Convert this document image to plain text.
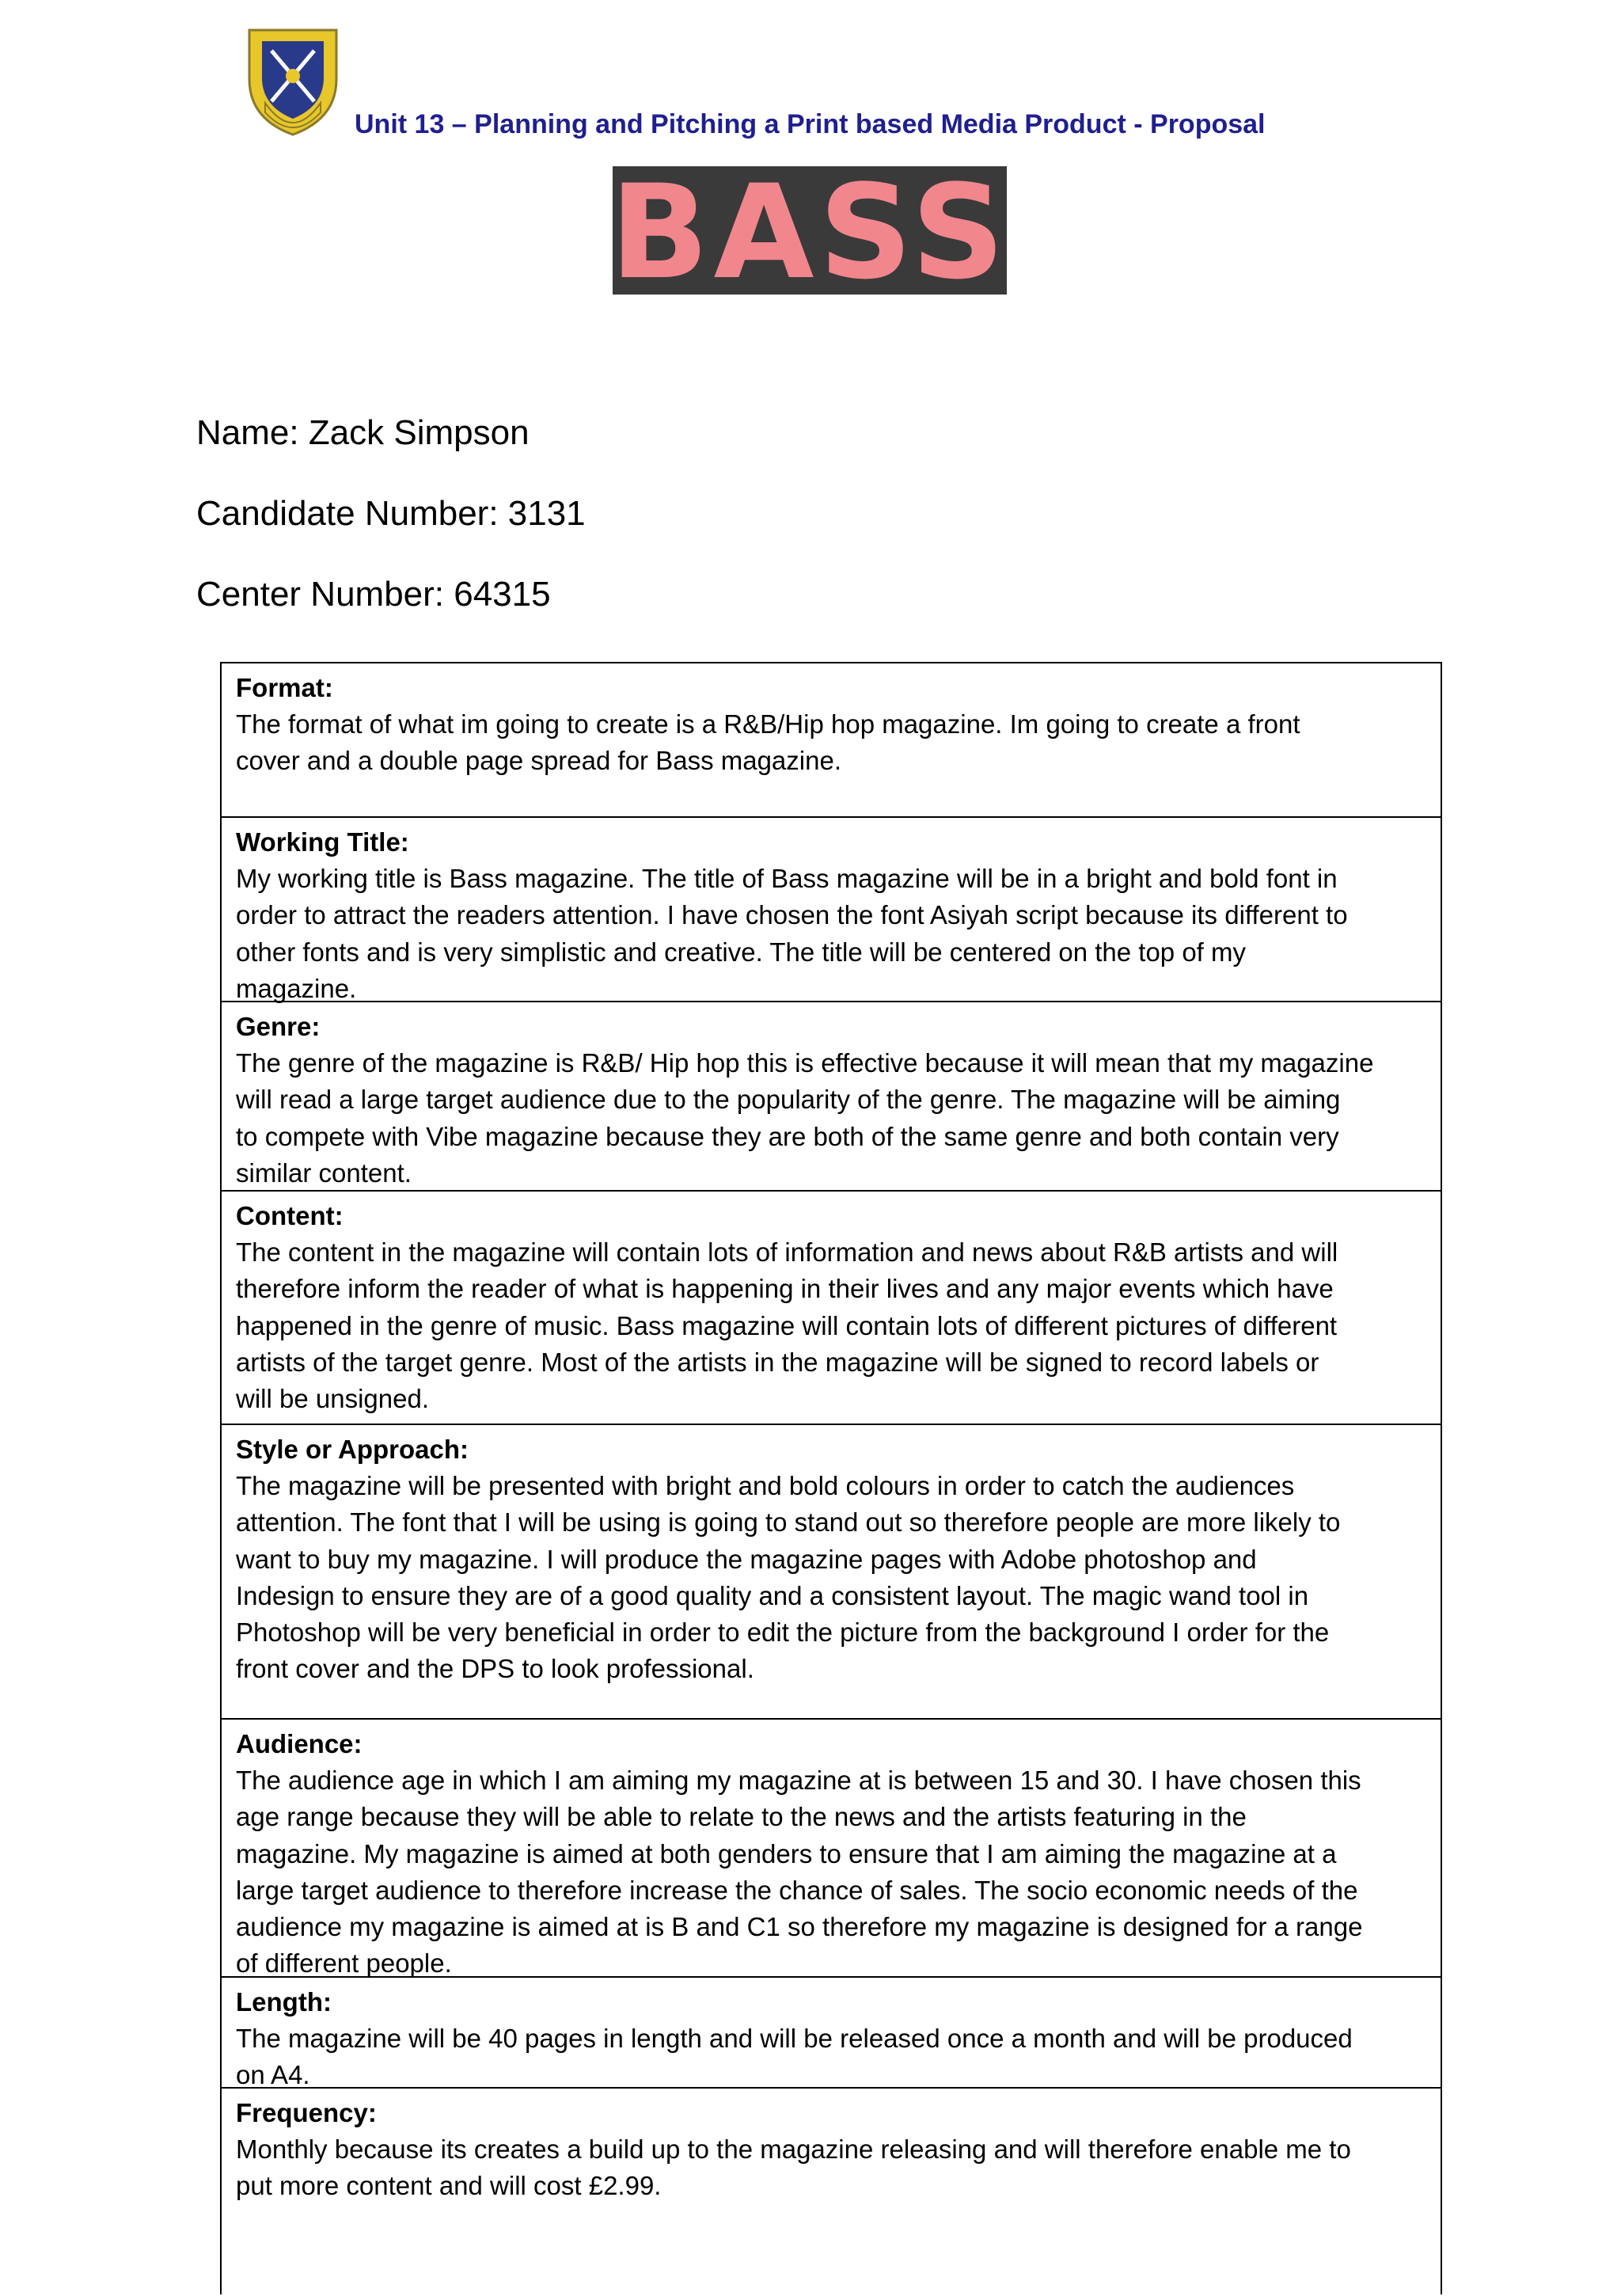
Unit 13 – Planning and Pitching a Print based Media Product - Proposal
BASS
Name: Zack Simpson
Candidate Number: 3131
Center Number: 64315
Format:
The format of what im going to create is a R&B/Hip hop magazine. Im going to create a front
cover and a double page spread for Bass magazine.
Working Title:
My working title is Bass magazine. The title of Bass magazine will be in a bright and bold font in
order to attract the readers attention. I have chosen the font Asiyah script because its different to
other fonts and is very simplistic and creative. The title will be centered on the top of my
magazine.
Genre:
The genre of the magazine is R&B/ Hip hop this is effective because it will mean that my magazine
will read a large target audience due to the popularity of the genre. The magazine will be aiming
to compete with Vibe magazine because they are both of the same genre and both contain very
similar content.
Content:
The content in the magazine will contain lots of information and news about R&B artists and will
therefore inform the reader of what is happening in their lives and any major events which have
happened in the genre of music. Bass magazine will contain lots of different pictures of different
artists of the target genre. Most of the artists in the magazine will be signed to record labels or
will be unsigned.
Style or Approach:
The magazine will be presented with bright and bold colours in order to catch the audiences
attention. The font that I will be using is going to stand out so therefore people are more likely to
want to buy my magazine. I will produce the magazine pages with Adobe photoshop and
Indesign to ensure they are of a good quality and a consistent layout. The magic wand tool in
Photoshop will be very beneficial in order to edit the picture from the background I order for the
front cover and the DPS to look professional.
Audience:
The audience age in which I am aiming my magazine at is between 15 and 30. I have chosen this
age range because they will be able to relate to the news and the artists featuring in the
magazine. My magazine is aimed at both genders to ensure that I am aiming the magazine at a
large target audience to therefore increase the chance of sales. The socio economic needs of the
audience my magazine is aimed at is B and C1 so therefore my magazine is designed for a range
of different people.
Length:
The magazine will be 40 pages in length and will be released once a month and will be produced
on A4.
Frequency:
Monthly because its creates a build up to the magazine releasing and will therefore enable me to
put more content and will cost £2.99.
